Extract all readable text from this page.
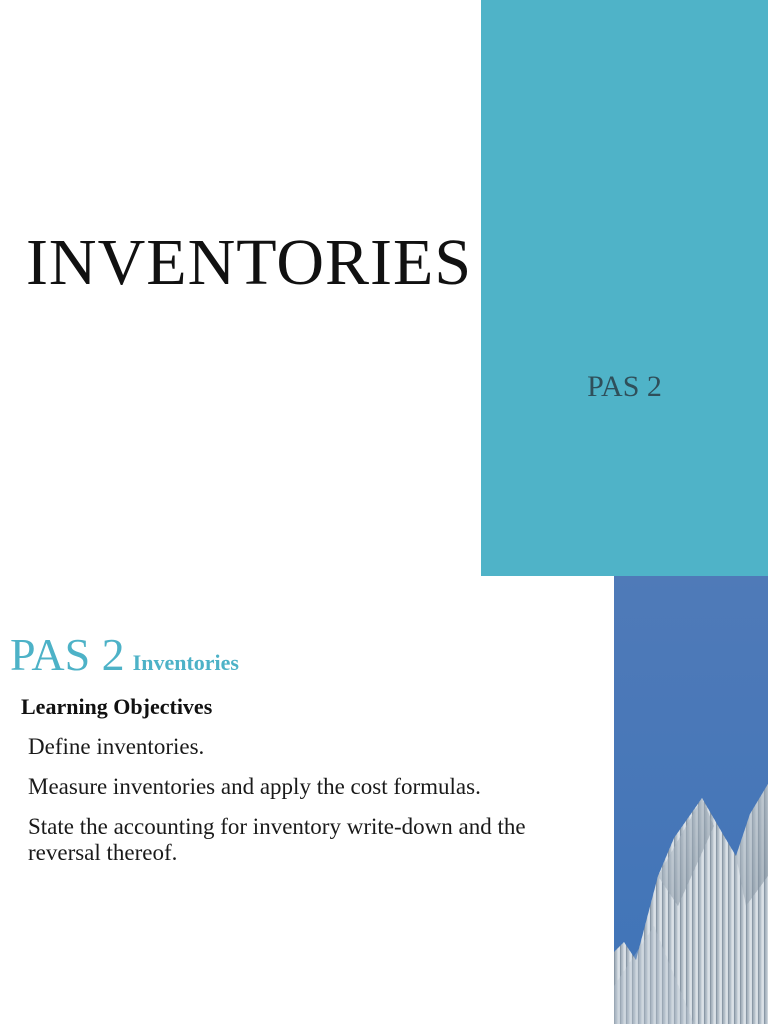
INVENTORIES
PAS 2
PAS 2 Inventories
Learning Objectives
Define inventories.
Measure inventories and apply the cost formulas.
State the accounting for inventory write-down and the reversal thereof.
